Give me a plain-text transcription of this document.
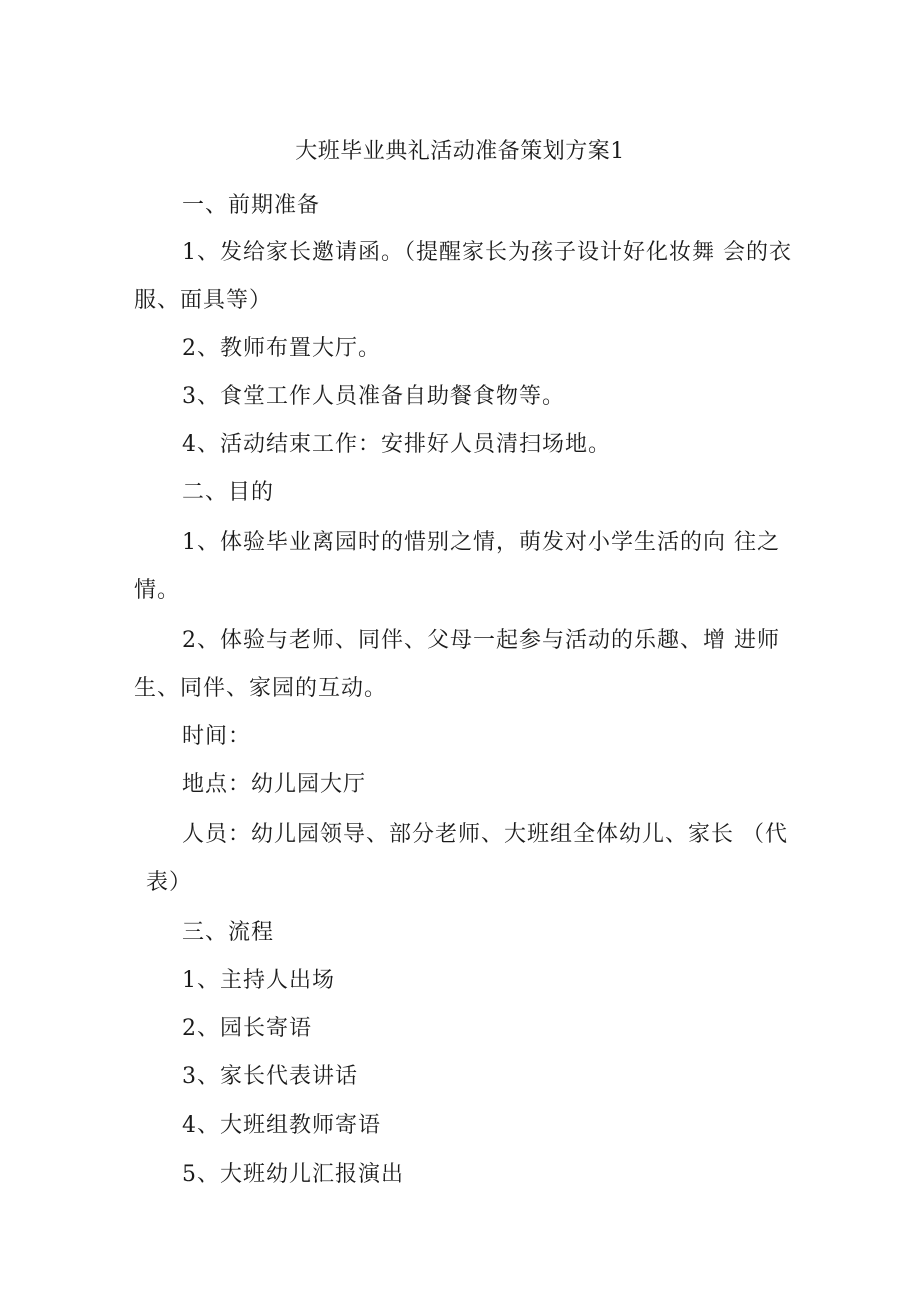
大班毕业典礼活动准备策划方案1
一、前期准备
1、发给家长邀请函。（提醒家长为孩子设计好化妆舞 会的衣
服、面具等）
2、教师布置大厅。
3、食堂工作人员准备自助餐食物等。
4、活动结束工作：安排好人员清扫场地。
二、目的
1、体验毕业离园时的惜别之情，萌发对小学生活的向 往之
情。
2、体验与老师、同伴、父母一起参与活动的乐趣、增 进师
生、同伴、家园的互动。
时间：
地点：幼儿园大厅
人员：幼儿园领导、部分老师、大班组全体幼儿、家长 （代
表）
三、流程
1、主持人出场
2、园长寄语
3、家长代表讲话
4、大班组教师寄语
5、大班幼儿汇报演出
